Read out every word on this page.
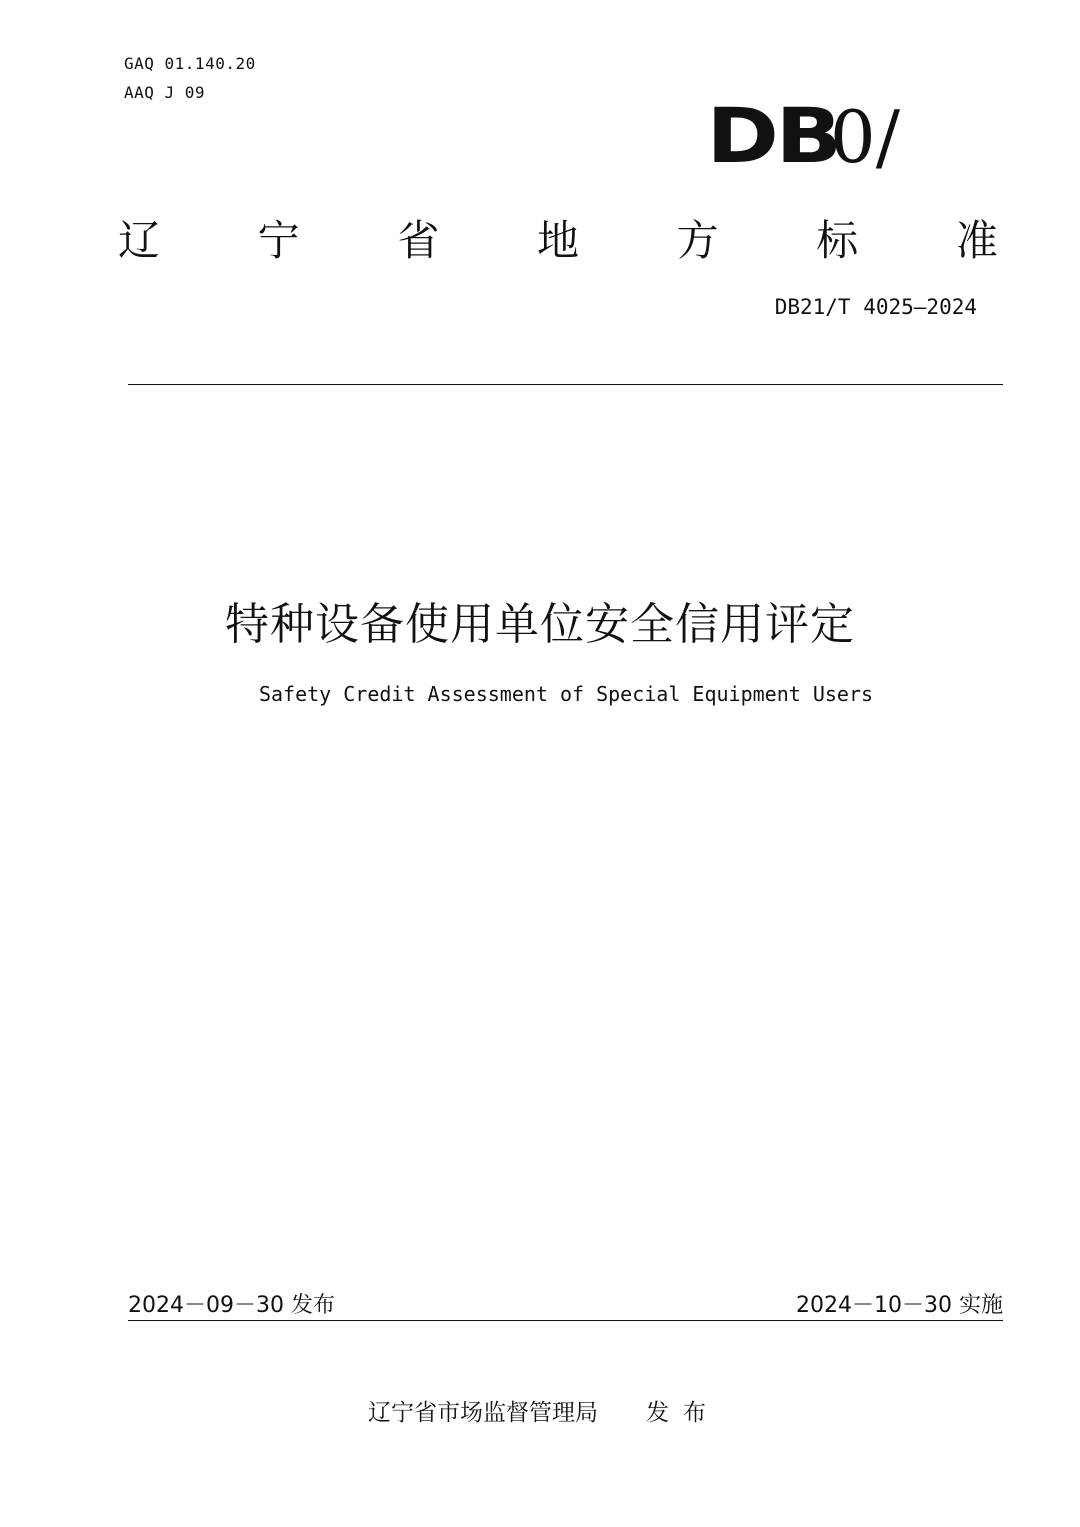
GAQ 01.140.20
AAQ J 09	DB0/
辽 宁 省 地 方 标 准
DB21/T 4025—2024
特种设备使用单位安全信用评定
Safety Credit Assessment of Special Equipment Users
2024－09－30 发布	2024－10－30 实施
辽宁省市场监督管理局 发布
